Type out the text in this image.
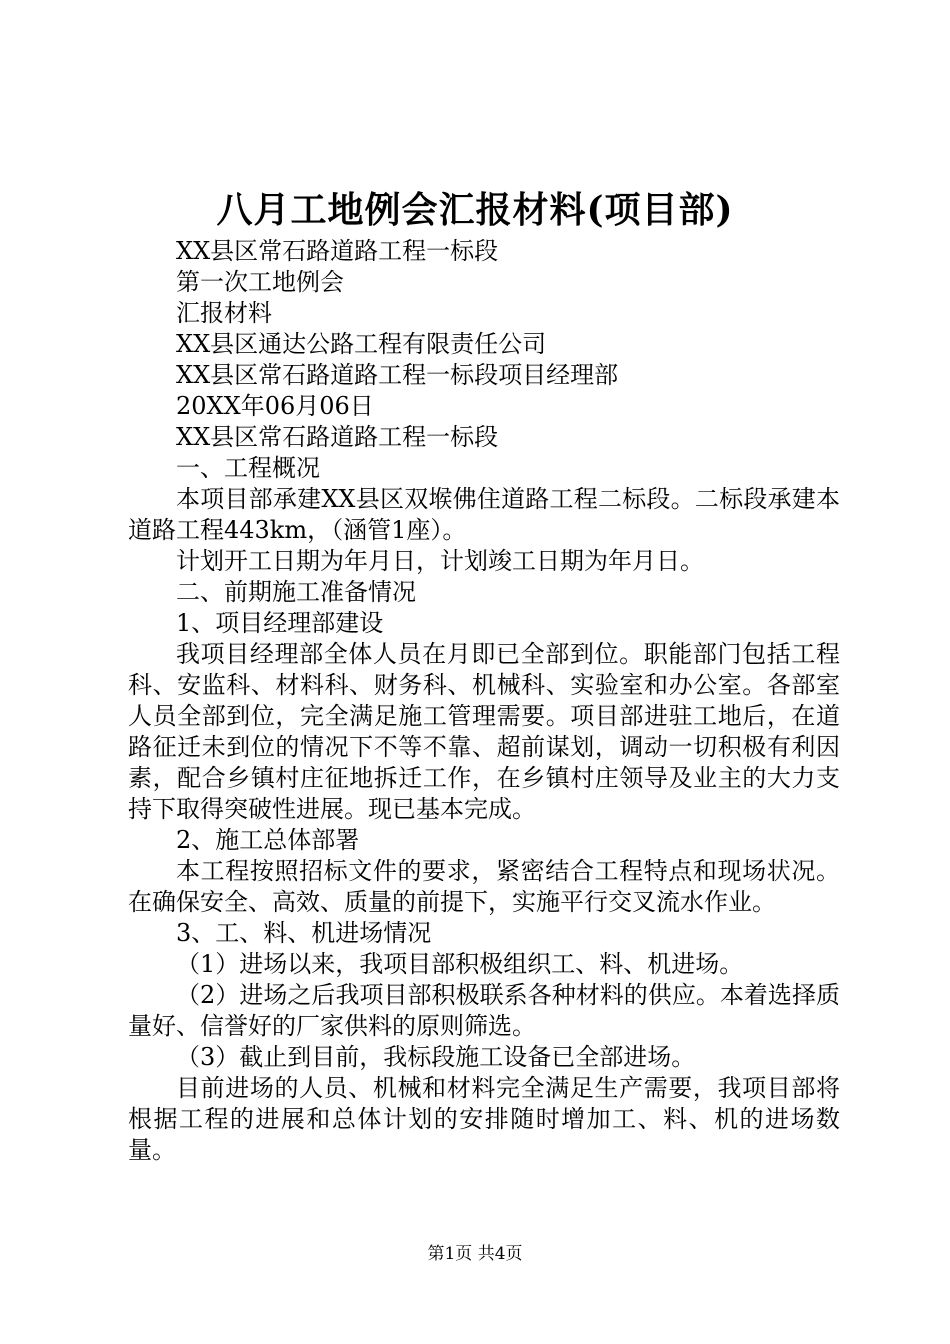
八月工地例会汇报材料(项目部)

XX县区常石路道路工程一标段

第一次工地例会

汇报材料

XX县区通达公路工程有限责任公司

XX县区常石路道路工程一标段项目经理部

20XX年06月06日

XX县区常石路道路工程一标段

一、工程概况

本项目部承建XX县区双堠佛住道路工程二标段。二标段承建本道路工程443km，（涵管1座）。

计划开工日期为年月日，计划竣工日期为年月日。

二、前期施工准备情况

1、项目经理部建设

我项目经理部全体人员在月即已全部到位。职能部门包括工程科、安监科、材料科、财务科、机械科、实验室和办公室。各部室人员全部到位，完全满足施工管理需要。项目部进驻工地后，在道路征迁未到位的情况下不等不靠、超前谋划，调动一切积极有利因素，配合乡镇村庄征地拆迁工作，在乡镇村庄领导及业主的大力支持下取得突破性进展。现已基本完成。

2、施工总体部署

本工程按照招标文件的要求，紧密结合工程特点和现场状况。在确保安全、高效、质量的前提下，实施平行交叉流水作业。

3、工、料、机进场情况

（1）进场以来，我项目部积极组织工、料、机进场。

（2）进场之后我项目部积极联系各种材料的供应。本着选择质量好、信誉好的厂家供料的原则筛选。

（3）截止到目前，我标段施工设备已全部进场。

目前进场的人员、机械和材料完全满足生产需要，我项目部将根据工程的进展和总体计划的安排随时增加工、料、机的进场数量。

第1页 共4页
